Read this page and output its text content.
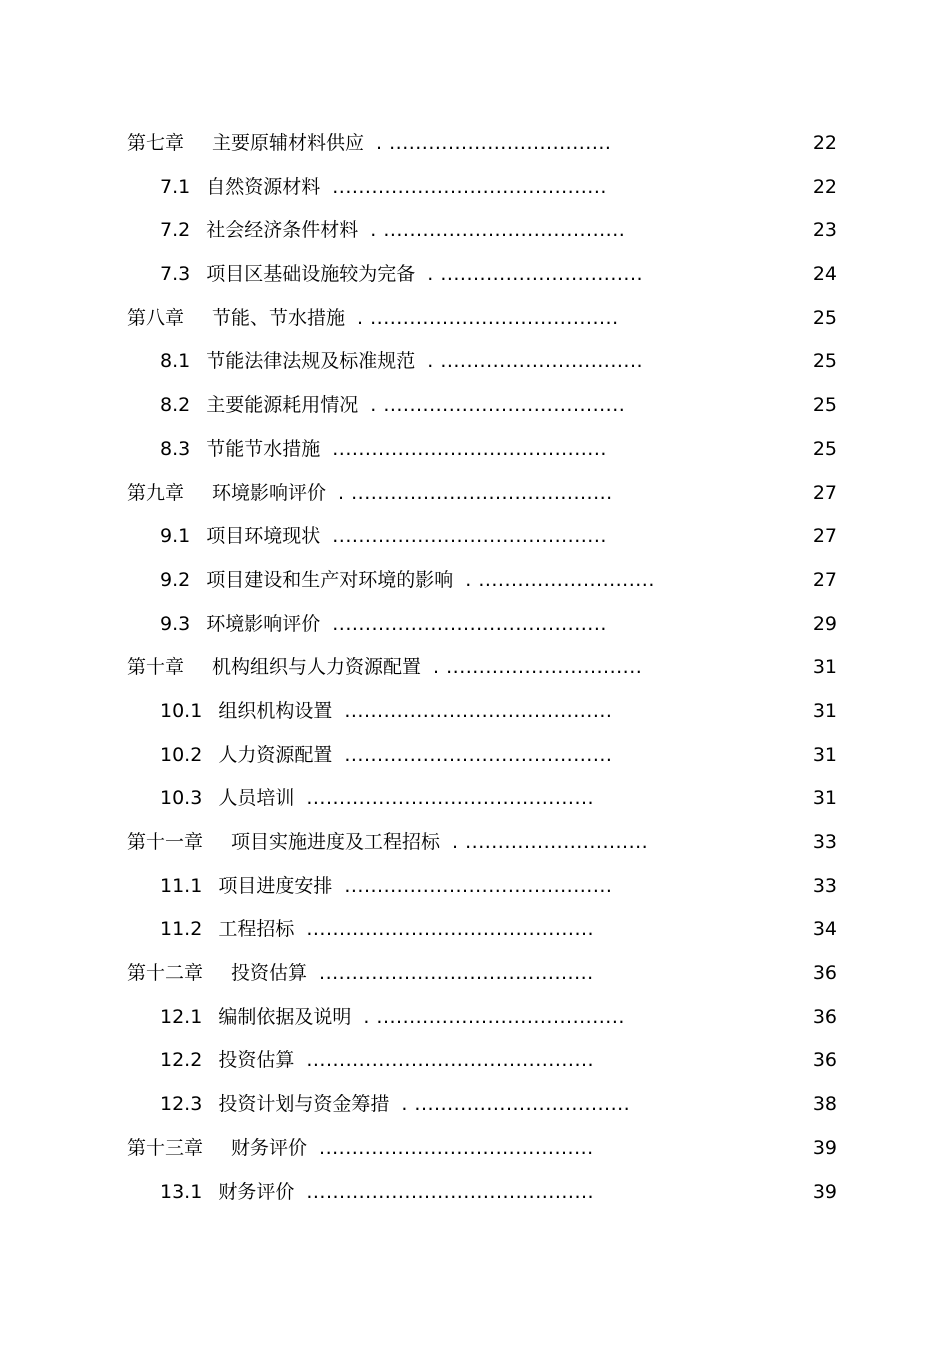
第七章 主要原辅材料供应 . ..................................	22
7.1 自然资源材料 ..........................................	22
7.2 社会经济条件材料 . .....................................	23
7.3 项目区基础设施较为完备 . ...............................	24
第八章 节能、节水措施 . ......................................	25
8.1 节能法律法规及标准规范 . ...............................	25
8.2 主要能源耗用情况 . .....................................	25
8.3 节能节水措施 ..........................................	25
第九章 环境影响评价 . ........................................	27
9.1 项目环境现状 ..........................................	27
9.2 项目建设和生产对环境的影响 . ...........................	27
9.3 环境影响评价 ..........................................	29
第十章 机构组织与人力资源配置 . ..............................	31
10.1 组织机构设置 .........................................	31
10.2 人力资源配置 .........................................	31
10.3 人员培训 ............................................	31
第十一章 项目实施进度及工程招标 . ............................	33
11.1 项目进度安排 .........................................	33
11.2 工程招标 ............................................	34
第十二章 投资估算 ..........................................	36
12.1 编制依据及说明 . ......................................	36
12.2 投资估算 ............................................	36
12.3 投资计划与资金筹措 . .................................	38
第十三章 财务评价 ..........................................	39
13.1 财务评价 ............................................	39
